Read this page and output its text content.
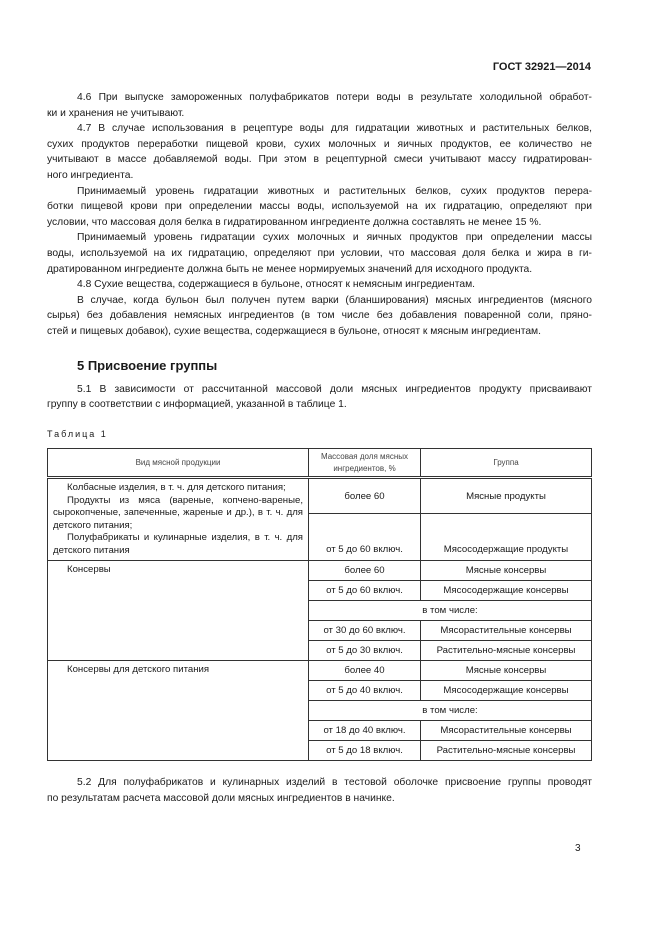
ГОСТ 32921—2014
4.6 При выпуске замороженных полуфабрикатов потери воды в результате холодильной обработ-
ки и хранения не учитывают.
4.7 В случае использования в рецептуре воды для гидратации животных и растительных белков,
сухих продуктов переработки пищевой крови, сухих молочных и яичных продуктов, ее количество не
учитывают в массе добавляемой воды. При этом в рецептурной смеси учитывают массу гидратирован-
ного ингредиента.
Принимаемый уровень гидратации животных и растительных белков, сухих продуктов перера-
ботки пищевой крови при определении массы воды, используемой на их гидратацию, определяют при
условии, что массовая доля белка в гидратированном ингредиенте должна составлять не менее 15 %.
Принимаемый уровень гидратации сухих молочных и яичных продуктов при определении массы
воды, используемой на их гидратацию, определяют при условии, что массовая доля белка и жира в ги-
дратированном ингредиенте должна быть не менее нормируемых значений для исходного продукта.
4.8 Сухие вещества, содержащиеся в бульоне, относят к немясным ингредиентам.
В случае, когда бульон был получен путем варки (бланширования) мясных ингредиентов (мясного
сырья) без добавления немясных ингредиентов (в том числе без добавления поваренной соли, пряно-
стей и пищевых добавок), сухие вещества, содержащиеся в бульоне, относят к мясным ингредиентам.
5 Присвоение группы
5.1 В зависимости от рассчитанной массовой доли мясных ингредиентов продукту присваивают
группу в соответствии с информацией, указанной в таблице 1.
Таблица 1
Вид мясной продукции	Массовая доля мясных ингредиентов, %	Группа

Колбасные изделия, в т. ч. для детского питания;
Продукты из мяса (вареные, копчено-вареные, сырокопченые, запеченные, жареные и др.), в т. ч. для детского питания;
Полуфабрикаты и кулинарные изделия, в т. ч. для детского питания	более 60	Мясные продукты
	от 5 до 60 включ.	Мясосодержащие продукты
Консервы	более 60	Мясные консервы
	от 5 до 60 включ.	Мясосодержащие консервы
	в том числе:	
	от 30 до 60 включ.	Мясорастительные консервы
	от 5 до 30 включ.	Растительно-мясные консервы
Консервы для детского питания	более 40	Мясные консервы
	от 5 до 40 включ.	Мясосодержащие консервы
	в том числе:	
	от 18 до 40 включ.	Мясорастительные консервы
	от 5 до 18 включ.	Растительно-мясные консервы
5.2 Для полуфабрикатов и кулинарных изделий в тестовой оболочке присвоение группы проводят
по результатам расчета массовой доли мясных ингредиентов в начинке.
3
